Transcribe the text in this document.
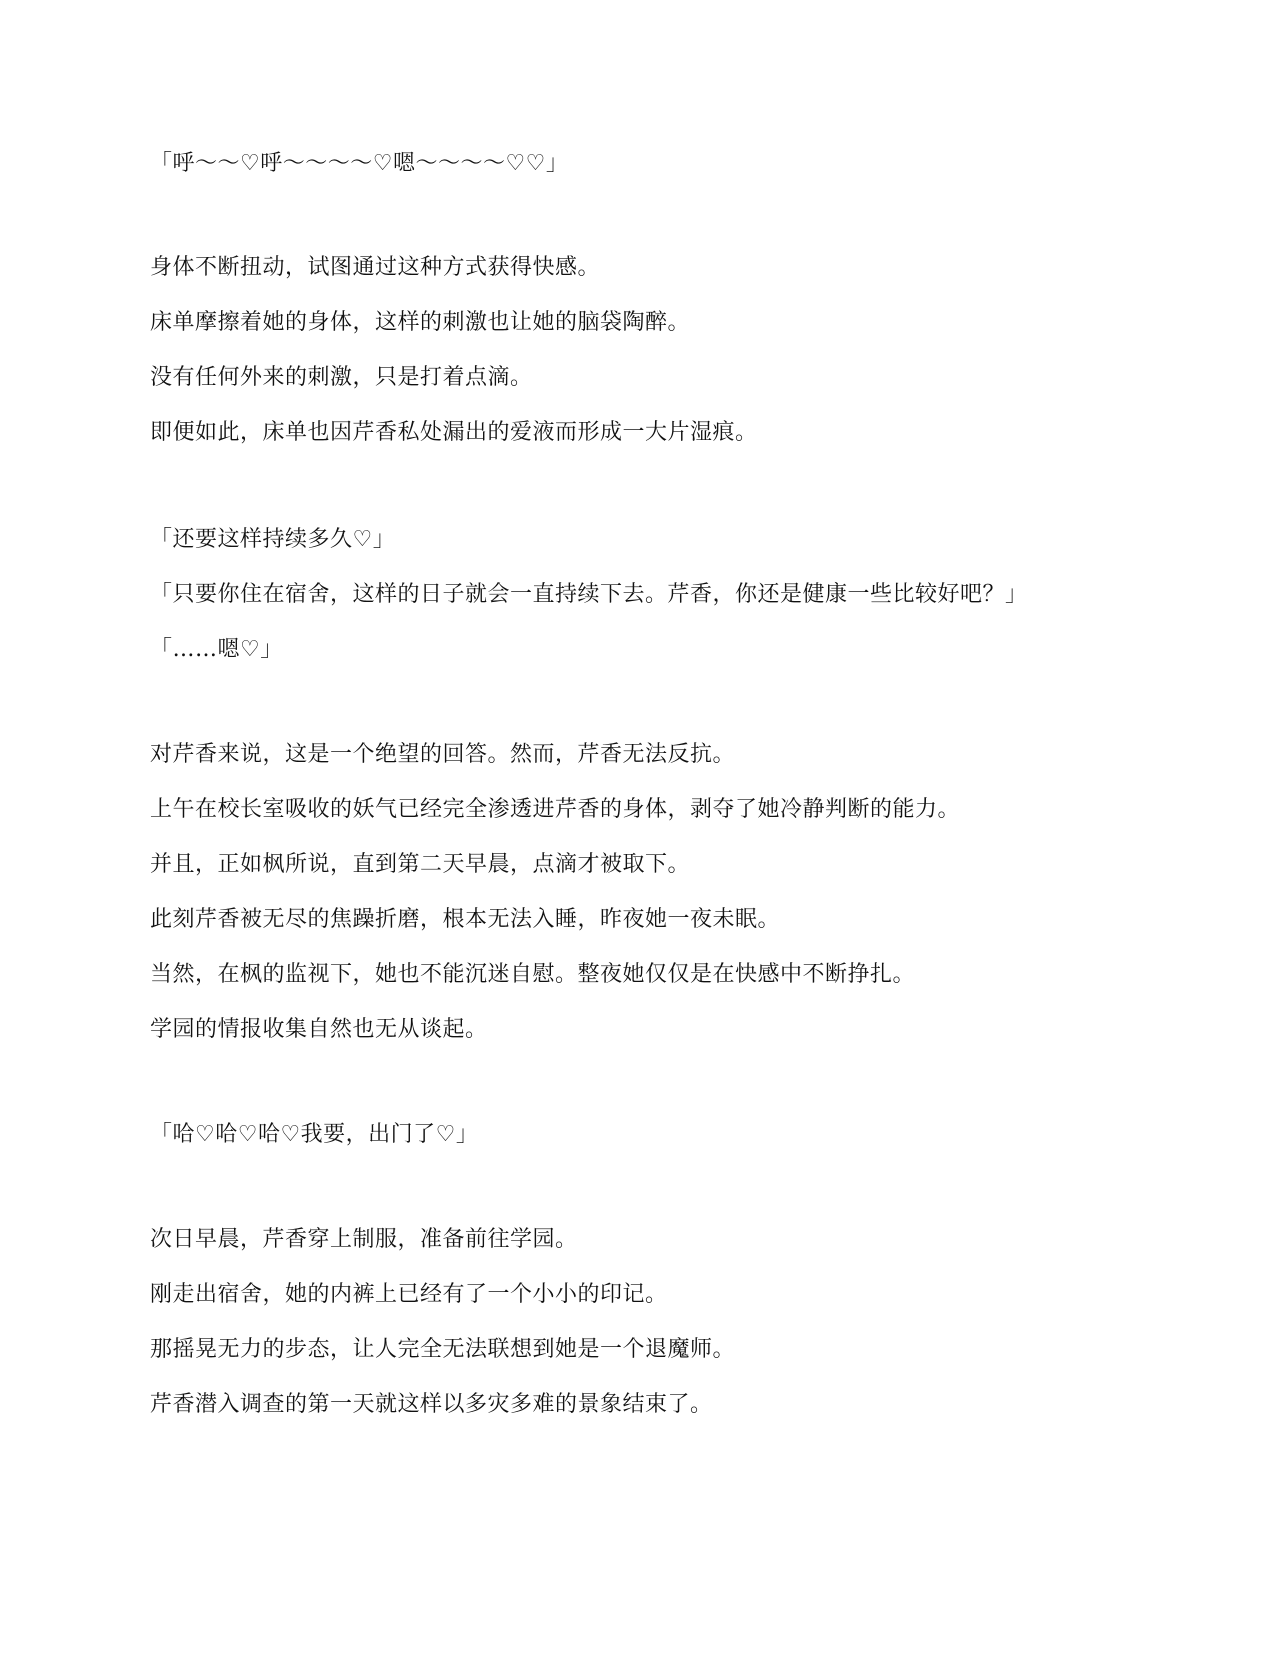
「呼～～♡呼～～～～♡嗯～～～～♡♡」
身体不断扭动，试图通过这种方式获得快感。
床单摩擦着她的身体，这样的刺激也让她的脑袋陶醉。
没有任何外来的刺激，只是打着点滴。
即便如此，床单也因芹香私处漏出的爱液而形成一大片湿痕。
「还要这样持续多久♡」
「只要你住在宿舍，这样的日子就会一直持续下去。芹香，你还是健康一些比较好吧？」
「……嗯♡」
对芹香来说，这是一个绝望的回答。然而，芹香无法反抗。
上午在校长室吸收的妖气已经完全渗透进芹香的身体，剥夺了她冷静判断的能力。
并且，正如枫所说，直到第二天早晨，点滴才被取下。
此刻芹香被无尽的焦躁折磨，根本无法入睡，昨夜她一夜未眠。
当然，在枫的监视下，她也不能沉迷自慰。整夜她仅仅是在快感中不断挣扎。
学园的情报收集自然也无从谈起。
「哈♡哈♡哈♡我要，出门了♡」
次日早晨，芹香穿上制服，准备前往学园。
刚走出宿舍，她的内裤上已经有了一个小小的印记。
那摇晃无力的步态，让人完全无法联想到她是一个退魔师。
芹香潜入调查的第一天就这样以多灾多难的景象结束了。
